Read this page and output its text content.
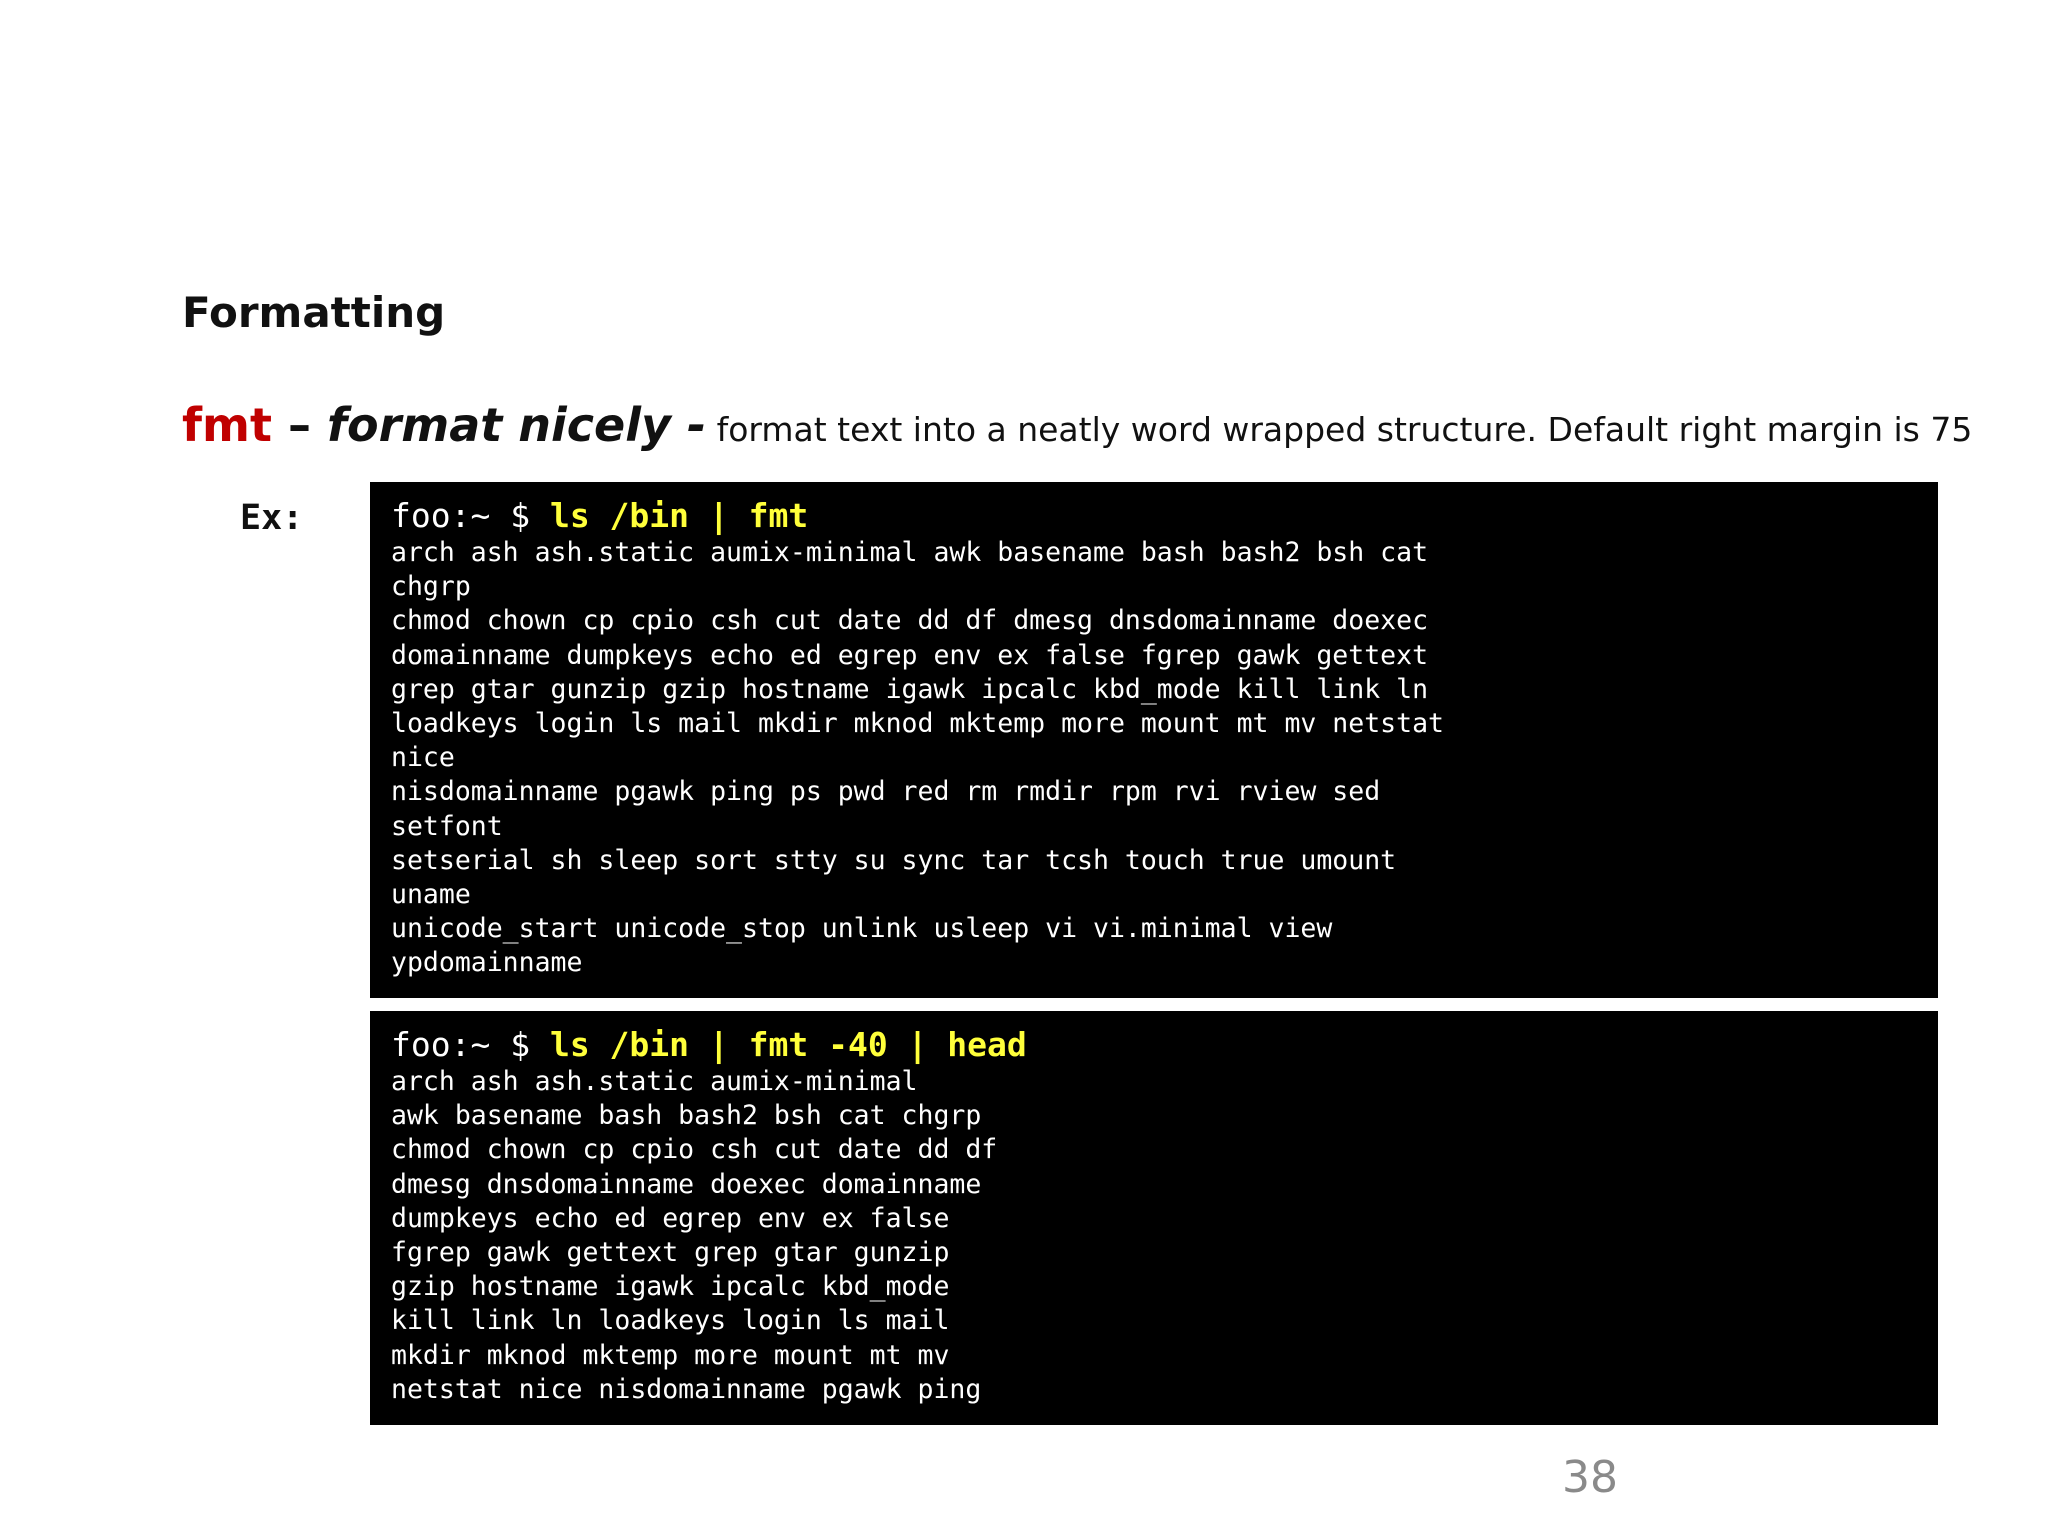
Formatting
fmt – format nicely - format text into a neatly word wrapped structure. Default right margin is 75
Ex:	foo:~ $ ls /bin | fmt
arch ash ash.static aumix-minimal awk basename bash bash2 bsh cat
chgrp
chmod chown cp cpio csh cut date dd df dmesg dnsdomainname doexec
domainname dumpkeys echo ed egrep env ex false fgrep gawk gettext
grep gtar gunzip gzip hostname igawk ipcalc kbd_mode kill link ln
loadkeys login ls mail mkdir mknod mktemp more mount mt mv netstat
nice
nisdomainname pgawk ping ps pwd red rm rmdir rpm rvi rview sed
setfont
setserial sh sleep sort stty su sync tar tcsh touch true umount
uname
unicode_start unicode_stop unlink usleep vi vi.minimal view
ypdomainname
foo:~ $ ls /bin | fmt -40 | head
arch ash ash.static aumix-minimal
awk basename bash bash2 bsh cat chgrp
chmod chown cp cpio csh cut date dd df
dmesg dnsdomainname doexec domainname
dumpkeys echo ed egrep env ex false
fgrep gawk gettext grep gtar gunzip
gzip hostname igawk ipcalc kbd_mode
kill link ln loadkeys login ls mail
mkdir mknod mktemp more mount mt mv
netstat nice nisdomainname pgawk ping
38
